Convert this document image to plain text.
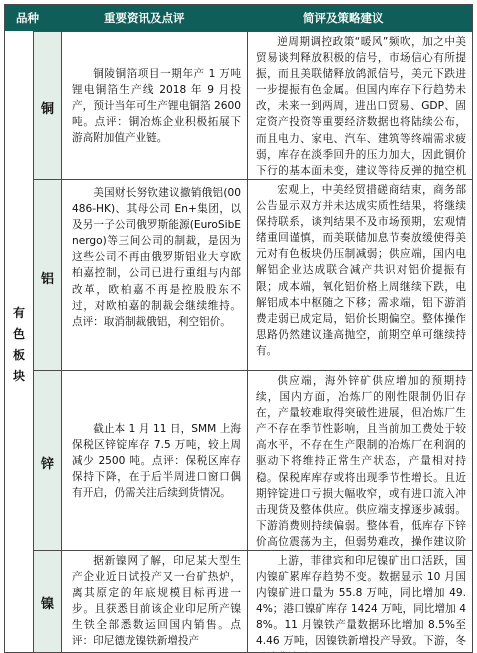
品种	重要资讯及点评	简评及策略建议
有色板块
铜

铜陵铜箔项目一期年产 1 万吨锂电铜箔生产线 2018 年 9 月投产，预计当年可生产锂电铜箔 2600 吨。点评：铜冶炼企业积极拓展下游高附加值产业链。

逆周期调控政策“暖风”频吹，加之中美贸易谈判释放积极的信号，市场信心有所提振，而且美联储释放鸽派信号，美元下跌进一步提振有色金属。但国内库存下行趋势未改，未来一到两周，进出口贸易、GDP、固定资产投资等重要经济数据也将陆续公布，而且电力、家电、汽车、建筑等终端需求疲弱，库存在淡季回升的压力加大，因此铜价下行的基本面未变，建议等待反弹的抛空机

铝

美国财长努钦建议撤销俄铝(00486-HK)、其母公司 En+集团，以及另一子公司俄罗斯能源(EuroSibEnergo)等三间公司的制裁，是因为这些公司不再由俄罗斯铝业大亨欧柏嘉控制，公司已进行重组与内部改革，欧柏嘉不再是控股股东不过，对欧柏嘉的制裁会继续维持。点评：取消制裁俄铝，利空铝价。

宏观上，中美经贸措磋商结束，商务部公告显示双方并未达成实质性结果，将继续保持联系，谈判结果不及市场预期，宏观情绪重回谨慎，而美联储加息节奏放缓使得美元对有色板块仍压制减弱；供应端，国内电解铝企业达成联合减产共识对铝价提振有限；成本端，氧化铝价格上周继续下跌，电解铝成本中枢随之下移；需求端，铝下游消费走弱已成定局，铝价长期偏空。整体操作思路仍然建议逢高抛空，前期空单可继续持有。

锌

截止本 1 月 11 日，SMM 上海保税区锌锭库存 7.5 万吨，较上周减少 2500 吨。点评：保税区库存保持下降，在于后半周进口窗口偶有开启，仍需关注后续到货情况。

供应端，海外锌矿供应增加的预期持续，国内方面，冶炼厂的刚性限制仍旧存在，产量较难取得突破性进展，但冶炼厂生产不存在季节性影响，且当前加工费处于较高水平，不存在生产限制的冶炼厂在利润的驱动下将维持正常生产状态，产量相对持稳。保税库库存或将出现季节性增长。且近期锌锭进口亏损大幅收窄，或有进口流入冲击现货及整体供应。供应端支撑逐步减弱。下游消费则持续偏弱。整体看，低库存下锌价高位震荡为主，但弱势难改，操作建议阶

镍

据新镍网了解，印尼某大型生产企业近日试投产又一台矿热炉，离其原定的年底规模目标再进一步。且获悉目前该企业印尼所产镍生铁全部悉数运回国内销售。点评：印尼德龙镍铁新增投产

上游，菲律宾和印尼镍矿出口活跃，国内镍矿累库存趋势不变。数据显示 10 月国内镍矿进口量为 55.8 万吨，同比增加 49.4%；港口镍矿库存 1424 万吨，同比增加 48%。11 月镍铁产量数据环比增加 8.5%至 4.46 万吨，因镍铁新增投产导致。下游，冬
